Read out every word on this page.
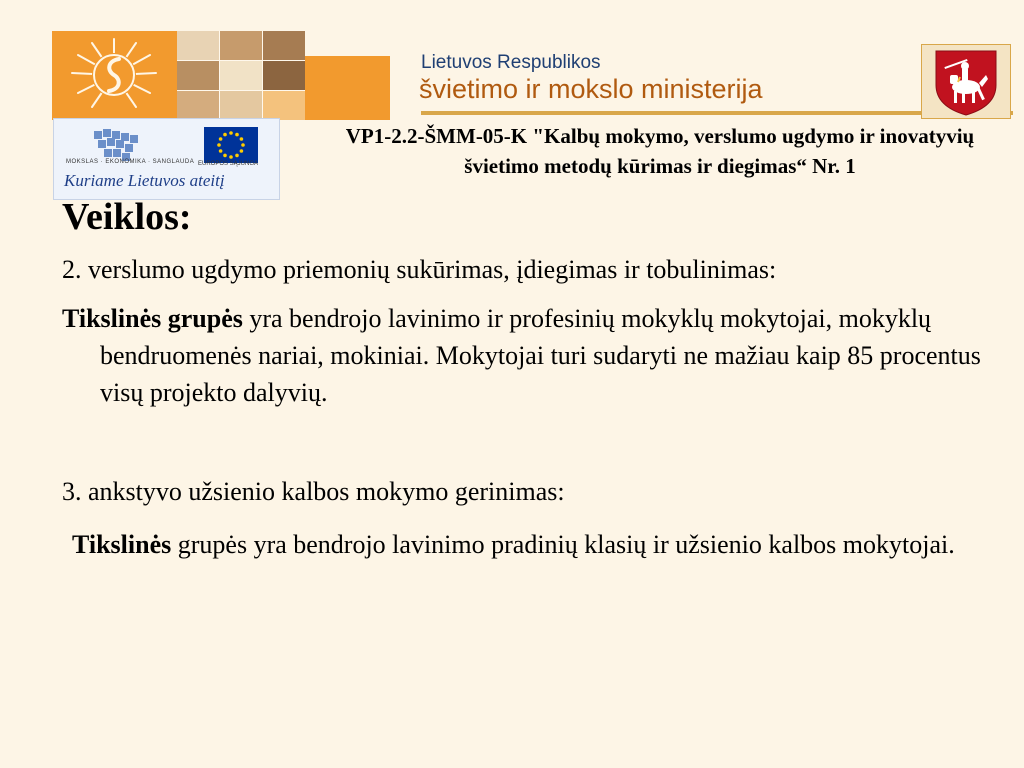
Lietuvos Respublikos
švietimo ir mokslo ministerija
MOKSLAS · EKONOMIKA · SANGLAUDA EUROPOS SĄJUNGA
Kuriame Lietuvos ateitį
VP1-2.2-ŠMM-05-K "Kalbų mokymo, verslumo ugdymo ir inovatyvių švietimo metodų kūrimas ir diegimas“ Nr. 1
Veiklos:

2. verslumo ugdymo priemonių sukūrimas, įdiegimas ir tobulinimas:

Tikslinės grupės yra bendrojo lavinimo ir profesinių mokyklų mokytojai, mokyklų bendruomenės nariai, mokiniai. Mokytojai turi sudaryti ne mažiau kaip 85 procentus visų projekto dalyvių.

3. ankstyvo užsienio kalbos mokymo gerinimas:

Tikslinės grupės yra bendrojo lavinimo pradinių klasių ir užsienio kalbos mokytojai.
